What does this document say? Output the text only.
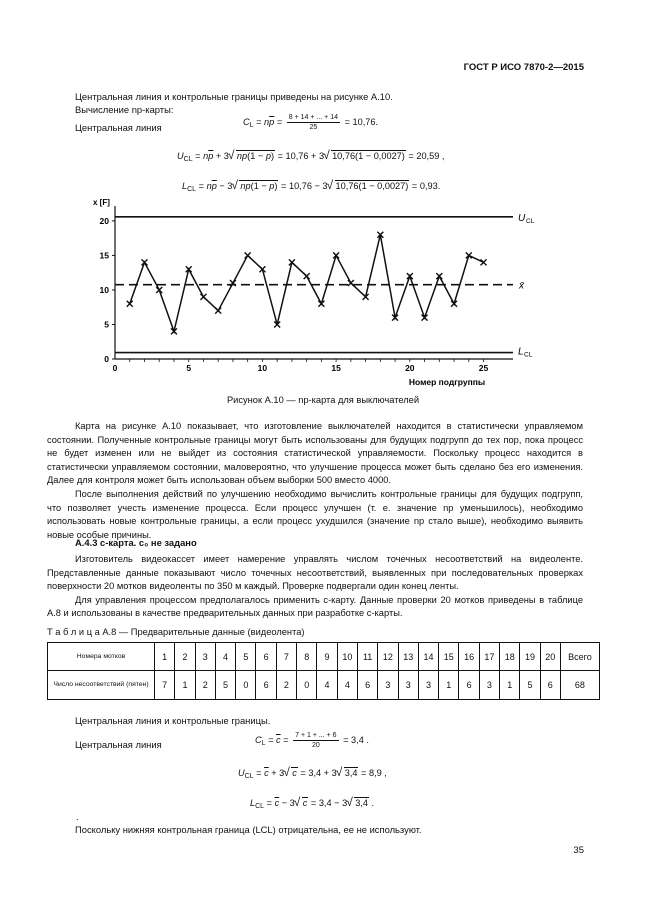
ГОСТ Р ИСО 7870-2—2015
Центральная линия и контрольные границы приведены на рисунке А.10.
Вычисление np-карты:
Центральная линия
$C_L = n\overline{p} = \frac{8 + 14 + ... + 14}{25} = 10,76$.
$U_{CL} = n\overline{p} + 3$ √ $n\overline{p}(1 - \overline{p}) = 10,76 + 3$ √ 10,76(1 − 0,0027) = 20,59 ,
$L_{CL} = n\overline{p} - 3$ √ $n\overline{p}(1 - \overline{p}) = 10,76 - 3$ √ 10,76(1 − 0,0027) = 0,93.
x [F]
0
5
10
15
20
0	5	10	15	20	25
Номер подгруппы
U CL
x̄
L CL
Рисунок А.10 — np-карта для выключателей

Карта на рисунке А.10 показывает, что изготовление выключателей находится в статистически управляемом состоянии. Полученные контрольные границы могут быть использованы для будущих подгрупп до тех пор, пока процесс не будет изменен или не выйдет из состояния статистической управляемости. Поскольку процесс находится в статистически управляемом состоянии, маловероятно, что улучшение процесса может быть сделано без его изменения. Далее для контроля может быть использован объем выборки 500 вместо 4000.

После выполнения действий по улучшению необходимо вычислить контрольные границы для будущих подгрупп, что позволяет учесть изменение процесса. Если процесс улучшен (т. е. значение np уменьшилось), необходимо использовать новые контрольные границы, а если процесс ухудшился (значение np стало выше), необходимо выявить новые особые причины.

А.4.3 с-карта. с₀ не задано

Изготовитель видеокассет имеет намерение управлять числом точечных несоответствий на видеоленте. Представленные данные показывают число точечных несоответствий, выявленных при последовательных проверках поверхности 20 мотков видеоленты по 350 м каждый. Проверке подвергали один конец ленты.

Для управления процессом предполагалось применить с-карту. Данные проверки 20 мотков приведены в таблице А.8 и использованы в качестве предварительных данных при разработке с-карты.

Т а б л и ц а А.8 — Предварительные данные (видеолента)
Номера мотков	1	2	3	4	5	6	7	8	9	10	11	12	13	14	15	16	17	18	19	20	Всего
Число несоответствий (пятен)	7	1	2	5	0	6	2	0	4	4	6	3	3	3	1	6	3	1	5	6	68
Центральная линия и контрольные границы.
Центральная линия	$C_L = \overline{c} = \frac{7 + 1 + ... + 6}{20} = 3,4$ .
$U_{CL} = \overline{c} + 3$ √ $\overline{c} = 3,4 + 3$ √ 3,4 = 8,9 ,
$L_{CL} = \overline{c} - 3$ √ $\overline{c} = 3,4 - 3$ √ 3,4 .
.
Поскольку нижняя контрольная граница (LCL) отрицательна, ее не используют.
35
